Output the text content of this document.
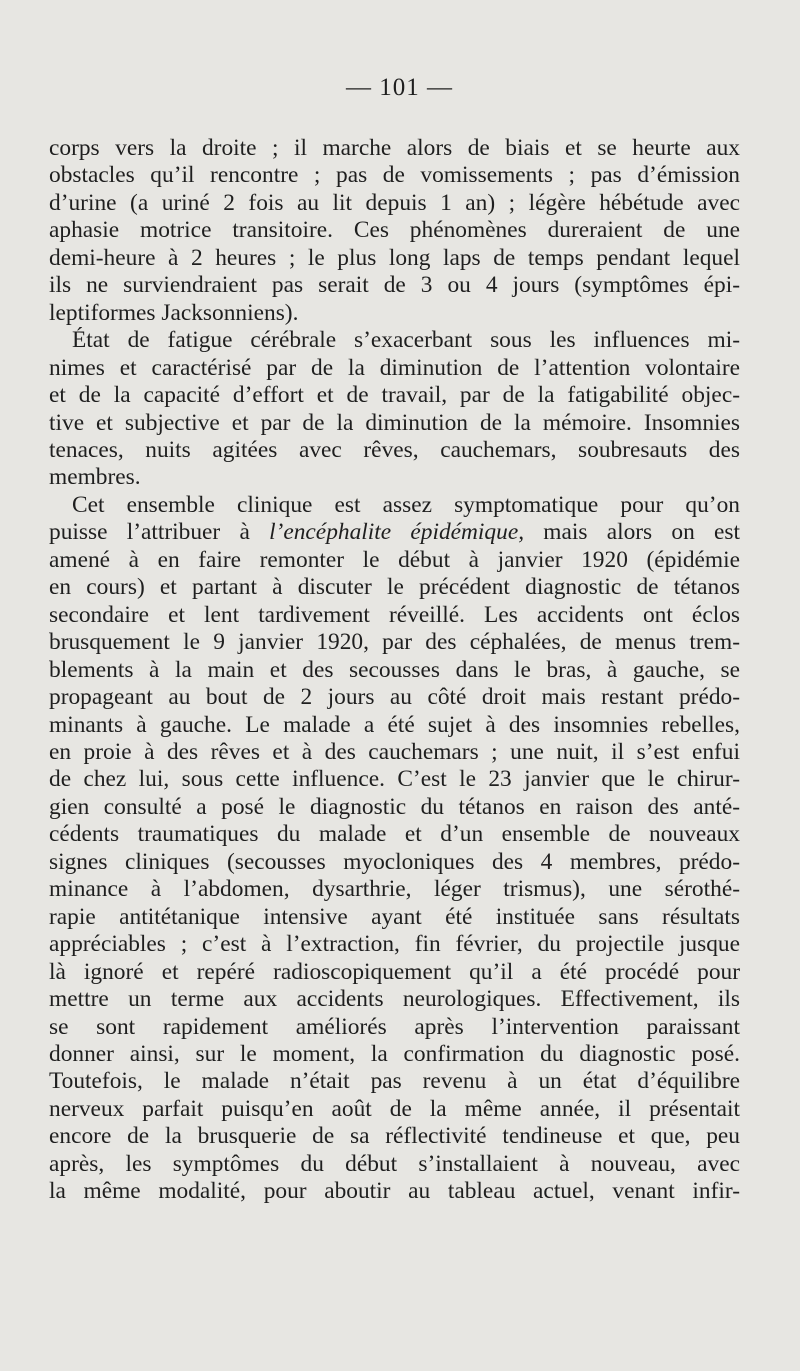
— 101 —
corps vers la droite ; il marche alors de biais et se heurte aux
obstacles qu’il rencontre ; pas de vomissements ; pas d’émission
d’urine (a uriné 2 fois au lit depuis 1 an) ; légère hébétude avec
aphasie motrice transitoire. Ces phénomènes dureraient de une
demi-heure à 2 heures ; le plus long laps de temps pendant lequel
ils ne surviendraient pas serait de 3 ou 4 jours (symptômes épi-
leptiformes Jacksonniens).
État de fatigue cérébrale s’exacerbant sous les influences mi-
nimes et caractérisé par de la diminution de l’attention volontaire
et de la capacité d’effort et de travail, par de la fatigabilité objec-
tive et subjective et par de la diminution de la mémoire. Insomnies
tenaces, nuits agitées avec rêves, cauchemars, soubresauts des
membres.
Cet ensemble clinique est assez symptomatique pour qu’on
puisse l’attribuer à l’encéphalite épidémique, mais alors on est
amené à en faire remonter le début à janvier 1920 (épidémie
en cours) et partant à discuter le précédent diagnostic de tétanos
secondaire et lent tardivement réveillé. Les accidents ont éclos
brusquement le 9 janvier 1920, par des céphalées, de menus trem-
blements à la main et des secousses dans le bras, à gauche, se
propageant au bout de 2 jours au côté droit mais restant prédo-
minants à gauche. Le malade a été sujet à des insomnies rebelles,
en proie à des rêves et à des cauchemars ; une nuit, il s’est enfui
de chez lui, sous cette influence. C’est le 23 janvier que le chirur-
gien consulté a posé le diagnostic du tétanos en raison des anté-
cédents traumatiques du malade et d’un ensemble de nouveaux
signes cliniques (secousses myocloniques des 4 membres, prédo-
minance à l’abdomen, dysarthrie, léger trismus), une sérothé-
rapie antitétanique intensive ayant été instituée sans résultats
appréciables ; c’est à l’extraction, fin février, du projectile jusque
là ignoré et repéré radioscopiquement qu’il a été procédé pour
mettre un terme aux accidents neurologiques. Effectivement, ils
se sont rapidement améliorés après l’intervention paraissant
donner ainsi, sur le moment, la confirmation du diagnostic posé.
Toutefois, le malade n’était pas revenu à un état d’équilibre
nerveux parfait puisqu’en août de la même année, il présentait
encore de la brusquerie de sa réflectivité tendineuse et que, peu
après, les symptômes du début s’installaient à nouveau, avec
la même modalité, pour aboutir au tableau actuel, venant infir-
